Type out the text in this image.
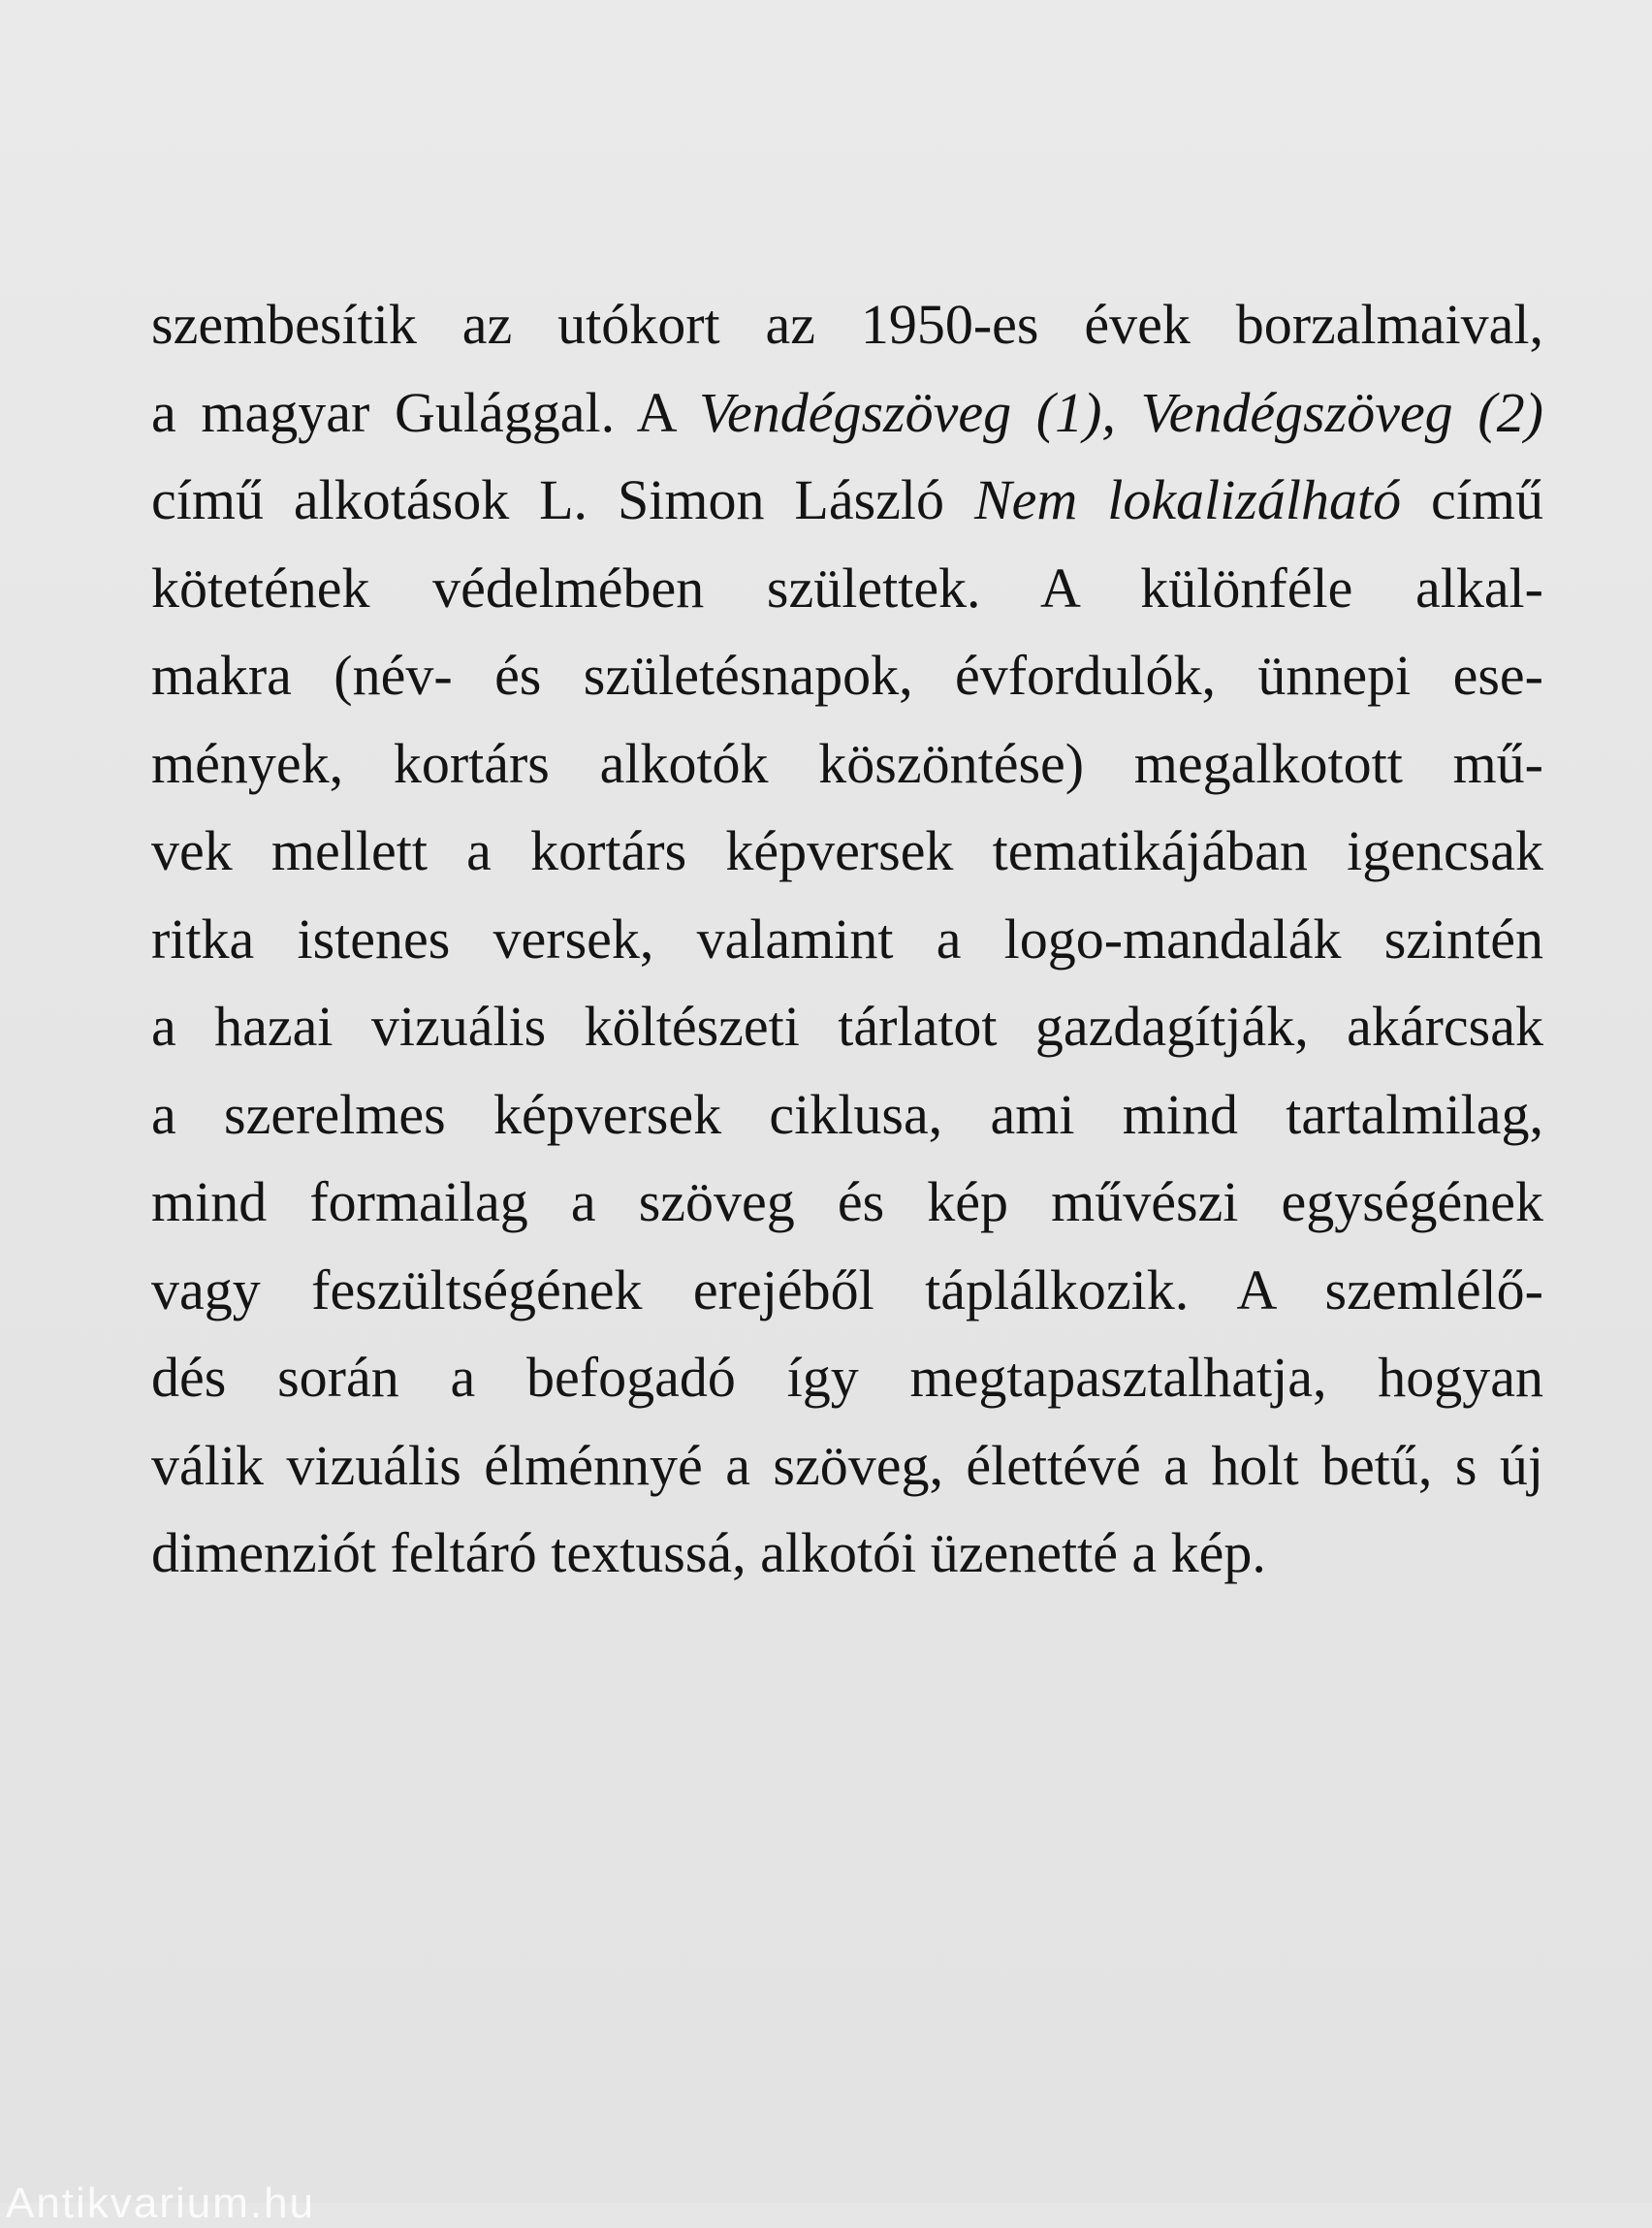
szembesítik az utókort az 1950-es évek borzalmaival,
a magyar Gulággal. A Vendégszöveg (1), Vendégszöveg (2)
című alkotások L. Simon László Nem lokalizálható című
kötetének védelmében születtek. A különféle alkal-
makra (név- és születésnapok, évfordulók, ünnepi ese-
mények, kortárs alkotók köszöntése) megalkotott mű-
vek mellett a kortárs képversek tematikájában igencsak
ritka istenes versek, valamint a logo-mandalák szintén
a hazai vizuális költészeti tárlatot gazdagítják, akárcsak
a szerelmes képversek ciklusa, ami mind tartalmilag,
mind formailag a szöveg és kép művészi egységének
vagy feszültségének erejéből táplálkozik. A szemlélő-
dés során a befogadó így megtapasztalhatja, hogyan
válik vizuális élménnyé a szöveg, élettévé a holt betű, s új
dimenziót feltáró textussá, alkotói üzenetté a kép.
Antikvarium.hu
